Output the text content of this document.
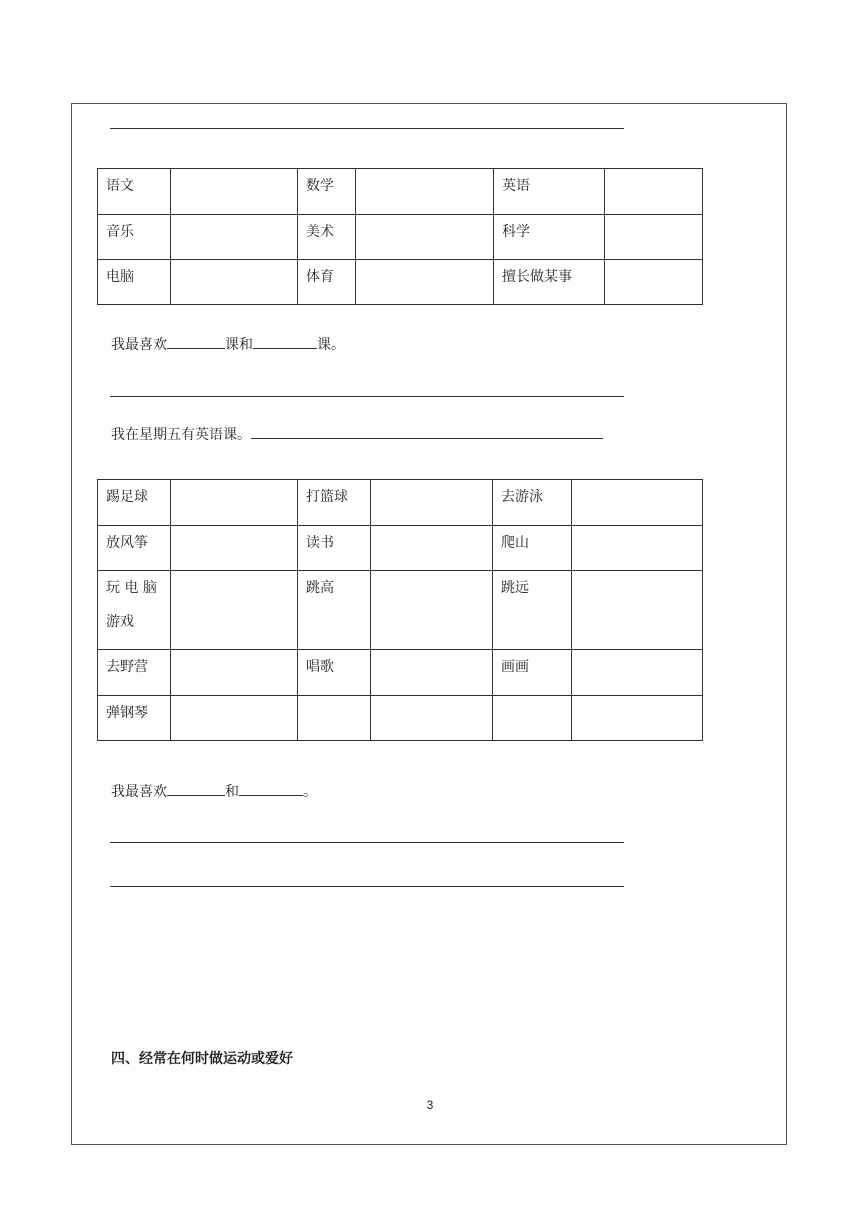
语文		数学		英语	
音乐		美术		科学	
电脑		体育		擅长做某事	
我最喜欢	课和	课。
我在星期五有英语课。
踢足球		打篮球		去游泳	
放风筝		读书		爬山	
玩 电 脑游戏		跳高		跳远	
去野营		唱歌		画画	
弹钢琴					
我最喜欢	和	。
四、经常在何时做运动或爱好
3
